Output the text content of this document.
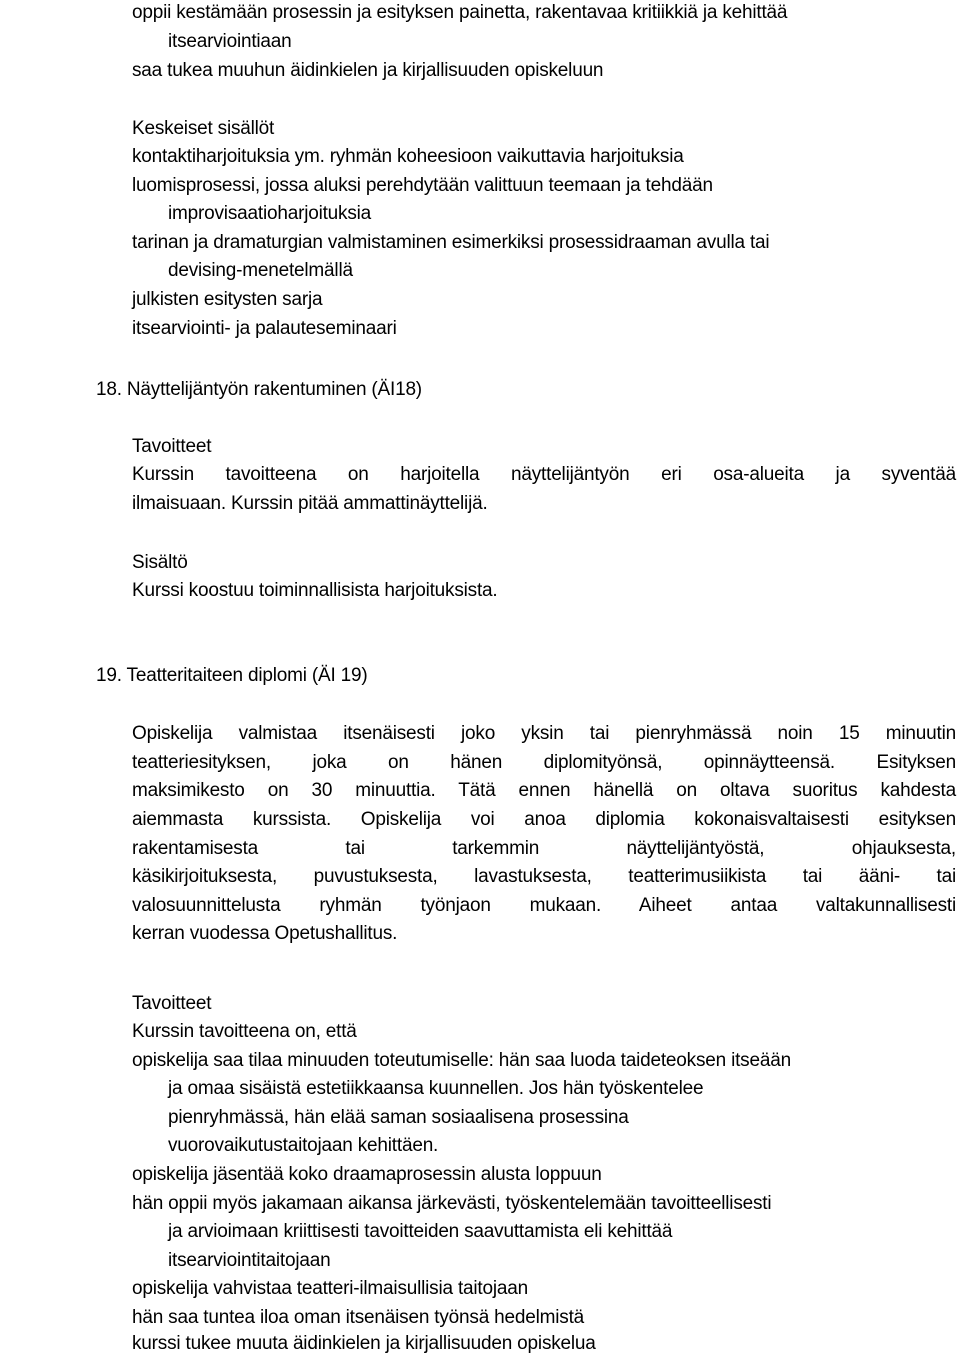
oppii kestämään prosessin ja esityksen painetta, rakentavaa kritiikkiä ja kehittää

itsearviointiaan

saa tukea muuhun äidinkielen ja kirjallisuuden opiskeluun

Keskeiset sisällöt

kontaktiharjoituksia ym. ryhmän koheesioon vaikuttavia harjoituksia

luomisprosessi, jossa aluksi perehdytään valittuun teemaan ja tehdään

improvisaatioharjoituksia

tarinan ja dramaturgian valmistaminen esimerkiksi prosessidraaman avulla tai

devising-menetelmällä

julkisten esitysten sarja

itsearviointi- ja palauteseminaari

18. Näyttelijäntyön rakentuminen (ÄI18)

Tavoitteet

Kurssin tavoitteena on harjoitella näyttelijäntyön eri osa-alueita ja syventää

ilmaisuaan. Kurssin pitää ammattinäyttelijä.

Sisältö

Kurssi koostuu toiminnallisista harjoituksista.

19. Teatteritaiteen diplomi (ÄI 19)

Opiskelija valmistaa itsenäisesti joko yksin tai pienryhmässä noin 15 minuutin

teatteriesityksen, joka on hänen diplomityönsä, opinnäytteensä. Esityksen

maksimikesto on 30 minuuttia. Tätä ennen hänellä on oltava suoritus kahdesta

aiemmasta kurssista. Opiskelija voi anoa diplomia kokonaisvaltaisesti esityksen

rakentamisesta tai tarkemmin näyttelijäntyöstä, ohjauksesta,

käsikirjoituksesta, puvustuksesta, lavastuksesta, teatterimusiikista tai ääni- tai

valosuunnittelusta ryhmän työnjaon mukaan. Aiheet antaa valtakunnallisesti

kerran vuodessa Opetushallitus.

Tavoitteet

Kurssin tavoitteena on, että

opiskelija saa tilaa minuuden toteutumiselle: hän saa luoda taideteoksen itseään

ja omaa sisäistä estetiikkaansa kuunnellen. Jos hän työskentelee

pienryhmässä, hän elää saman sosiaalisena prosessina

vuorovaikutustaitojaan kehittäen.

opiskelija jäsentää koko draamaprosessin alusta loppuun

hän oppii myös jakamaan aikansa järkevästi, työskentelemään tavoitteellisesti

ja arvioimaan kriittisesti tavoitteiden saavuttamista eli kehittää

itsearviointitaitojaan

opiskelija vahvistaa teatteri-ilmaisullisia taitojaan

hän saa tuntea iloa oman itsenäisen työnsä hedelmistä

kurssi tukee muuta äidinkielen ja kirjallisuuden opiskelua
